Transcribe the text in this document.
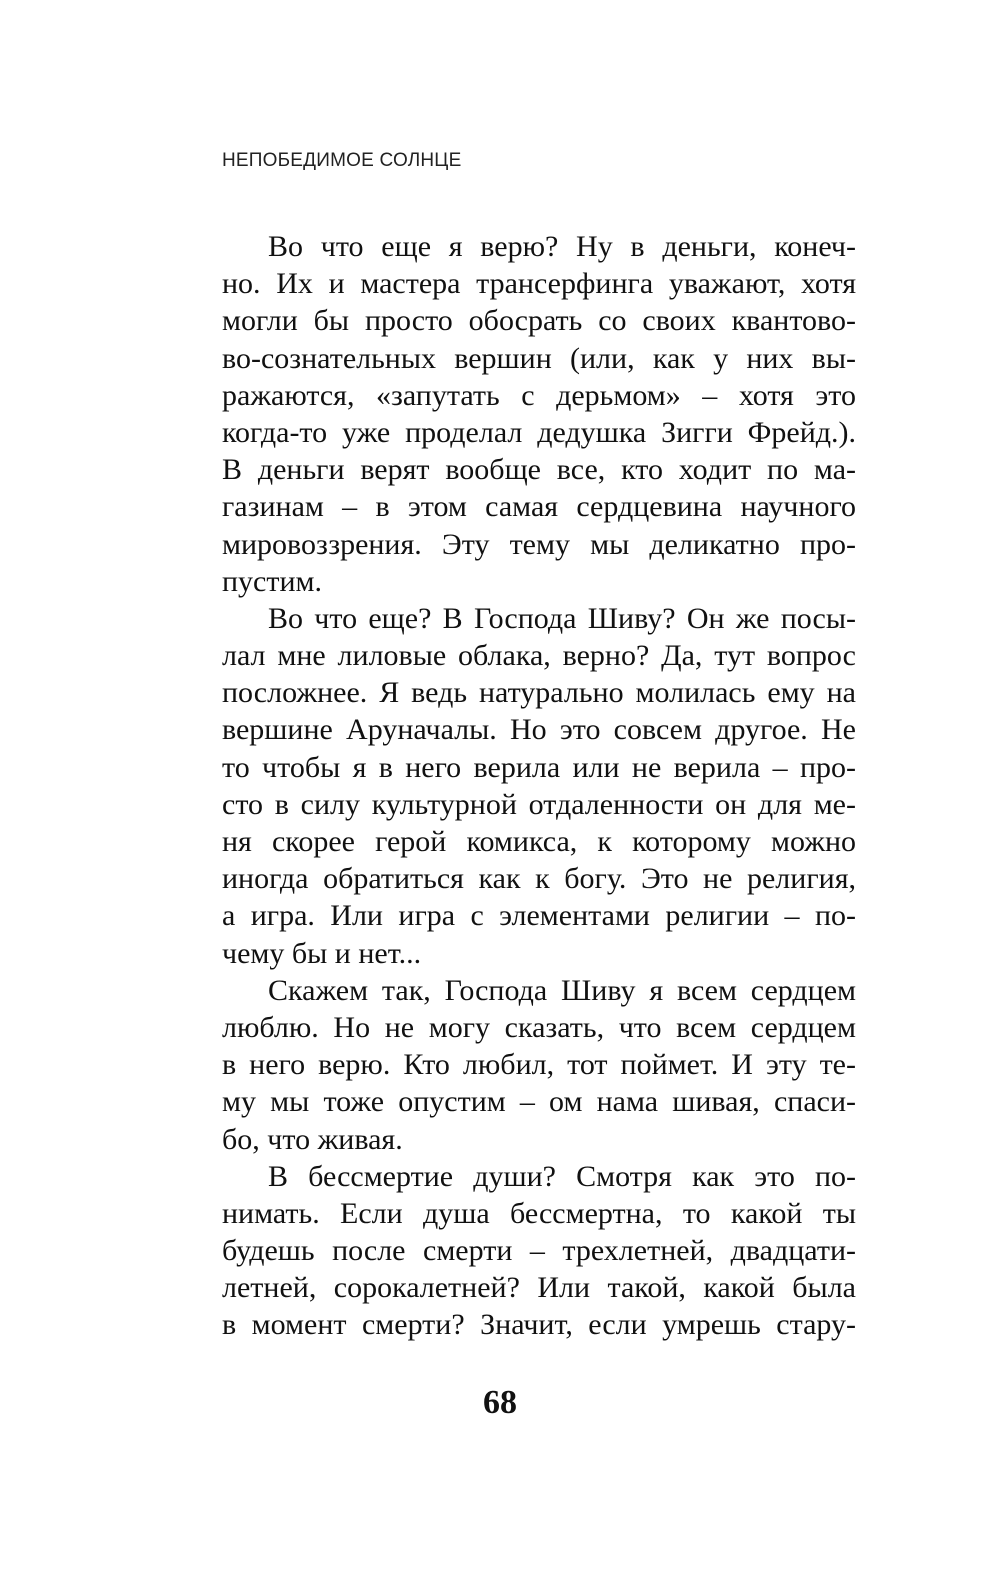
НЕПОБЕДИМОЕ СОЛНЦЕ
Во что еще я верю? Ну в деньги, конеч-
но. Их и мастера трансерфинга уважают, хотя
могли бы просто обосрать со своих квантово-
во-сознательных вершин (или, как у них вы-
ражаются, «запутать с дерьмом» – хотя это
когда-то уже проделал дедушка Зигги Фрейд.).
В деньги верят вообще все, кто ходит по ма-
газинам – в этом самая сердцевина научного
мировоззрения. Эту тему мы деликатно про-
пустим.
Во что еще? В Господа Шиву? Он же посы-
лал мне лиловые облака, верно? Да, тут вопрос
посложнее. Я ведь натурально молилась ему на
вершине Аруначалы. Но это совсем другое. Не
то чтобы я в него верила или не верила – про-
сто в силу культурной отдаленности он для ме-
ня скорее герой комикса, к которому можно
иногда обратиться как к богу. Это не религия,
а игра. Или игра с элементами религии – по-
чему бы и нет...
Скажем так, Господа Шиву я всем сердцем
люблю. Но не могу сказать, что всем сердцем
в него верю. Кто любил, тот поймет. И эту те-
му мы тоже опустим – ом нама шивая, спаси-
бо, что живая.
В бессмертие души? Смотря как это по-
нимать. Если душа бессмертна, то какой ты
будешь после смерти – трехлетней, двадцати-
летней, сорокалетней? Или такой, какой была
в момент смерти? Значит, если умрешь стару-
68
